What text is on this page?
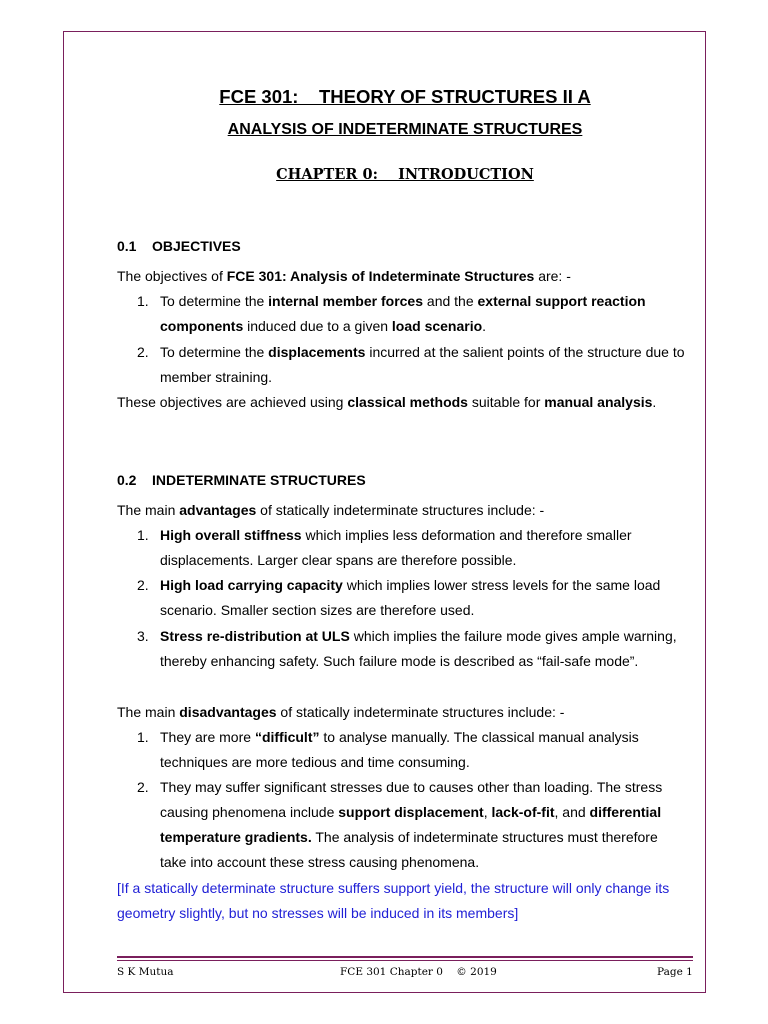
FCE 301:    THEORY OF STRUCTURES II A
ANALYSIS OF INDETERMINATE STRUCTURES
CHAPTER 0:    INTRODUCTION
0.1    OBJECTIVES
The objectives of FCE 301: Analysis of Indeterminate Structures are: -
1. To determine the internal member forces and the external support reaction
components induced due to a given load scenario.
2. To determine the displacements incurred at the salient points of the structure due to
member straining.
These objectives are achieved using classical methods suitable for manual analysis.
0.2    INDETERMINATE STRUCTURES
The main advantages of statically indeterminate structures include: -
1. High overall stiffness which implies less deformation and therefore smaller
displacements. Larger clear spans are therefore possible.
2. High load carrying capacity which implies lower stress levels for the same load
scenario. Smaller section sizes are therefore used.
3. Stress re-distribution at ULS which implies the failure mode gives ample warning,
thereby enhancing safety. Such failure mode is described as “fail-safe mode”.
The main disadvantages of statically indeterminate structures include: -
1. They are more “difficult” to analyse manually. The classical manual analysis
techniques are more tedious and time consuming.
2. They may suffer significant stresses due to causes other than loading. The stress
causing phenomena include support displacement, lack-of-fit, and differential
temperature gradients. The analysis of indeterminate structures must therefore
take into account these stress causing phenomena.
[If a statically determinate structure suffers support yield, the structure will only change its
geometry slightly, but no stresses will be induced in its members]
S K Mutua	FCE 301 Chapter 0    © 2019	Page 1
